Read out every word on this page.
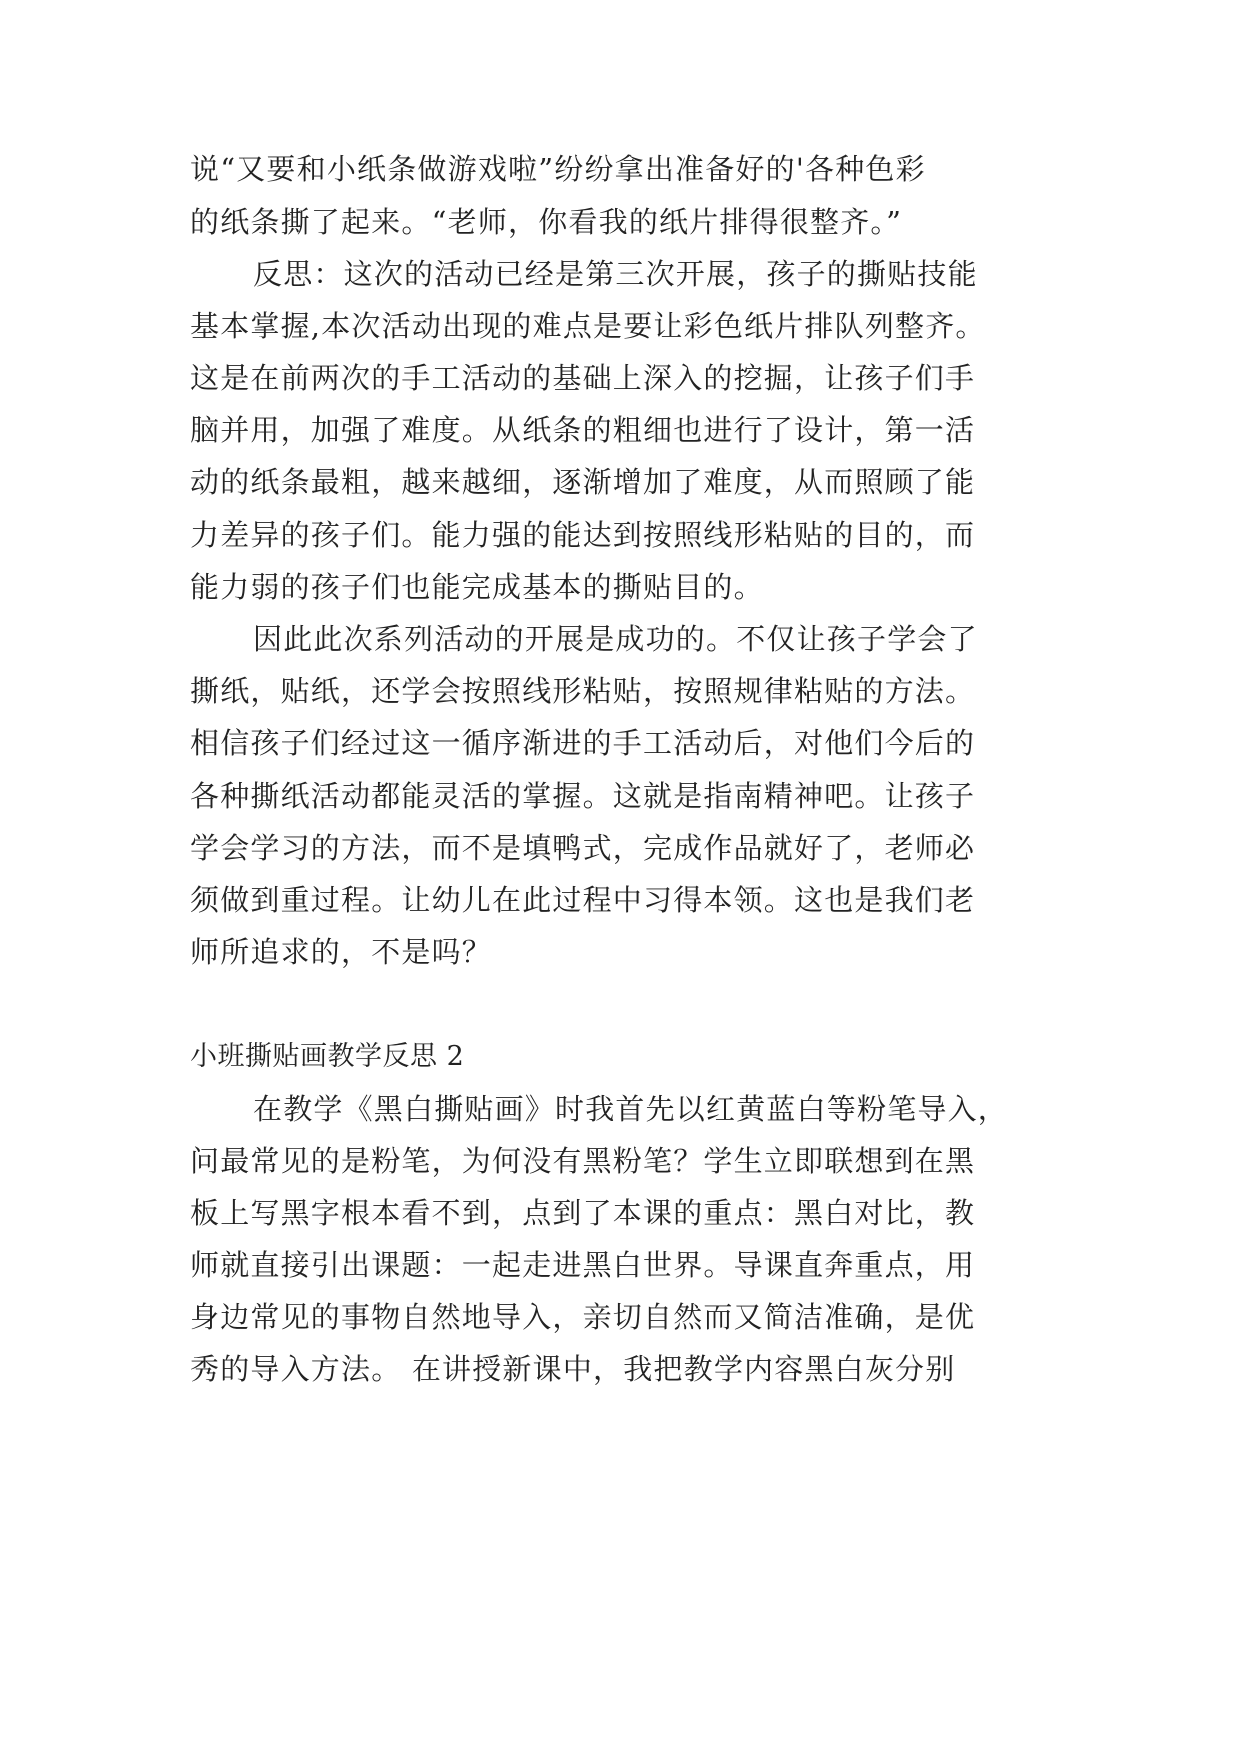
说“又要和小纸条做游戏啦”纷纷拿出准备好的'各种色彩
的纸条撕了起来。“老师，你看我的纸片排得很整齐。”
反思：这次的活动已经是第三次开展，孩子的撕贴技能
基本掌握,本次活动出现的难点是要让彩色纸片排队列整齐。
这是在前两次的手工活动的基础上深入的挖掘，让孩子们手
脑并用，加强了难度。从纸条的粗细也进行了设计，第一活
动的纸条最粗，越来越细，逐渐增加了难度，从而照顾了能
力差异的孩子们。能力强的能达到按照线形粘贴的目的，而
能力弱的孩子们也能完成基本的撕贴目的。
因此此次系列活动的开展是成功的。不仅让孩子学会了
撕纸，贴纸，还学会按照线形粘贴，按照规律粘贴的方法。
相信孩子们经过这一循序渐进的手工活动后，对他们今后的
各种撕纸活动都能灵活的掌握。这就是指南精神吧。让孩子
学会学习的方法，而不是填鸭式，完成作品就好了，老师必
须做到重过程。让幼儿在此过程中习得本领。这也是我们老
师所追求的，不是吗？
小班撕贴画教学反思 2
在教学《黑白撕贴画》时我首先以红黄蓝白等粉笔导入，
问最常见的是粉笔，为何没有黑粉笔？学生立即联想到在黑
板上写黑字根本看不到，点到了本课的重点：黑白对比，教
师就直接引出课题：一起走进黑白世界。导课直奔重点，用
身边常见的事物自然地导入，亲切自然而又简洁准确，是优
秀的导入方法。 在讲授新课中，我把教学内容黑白灰分别
